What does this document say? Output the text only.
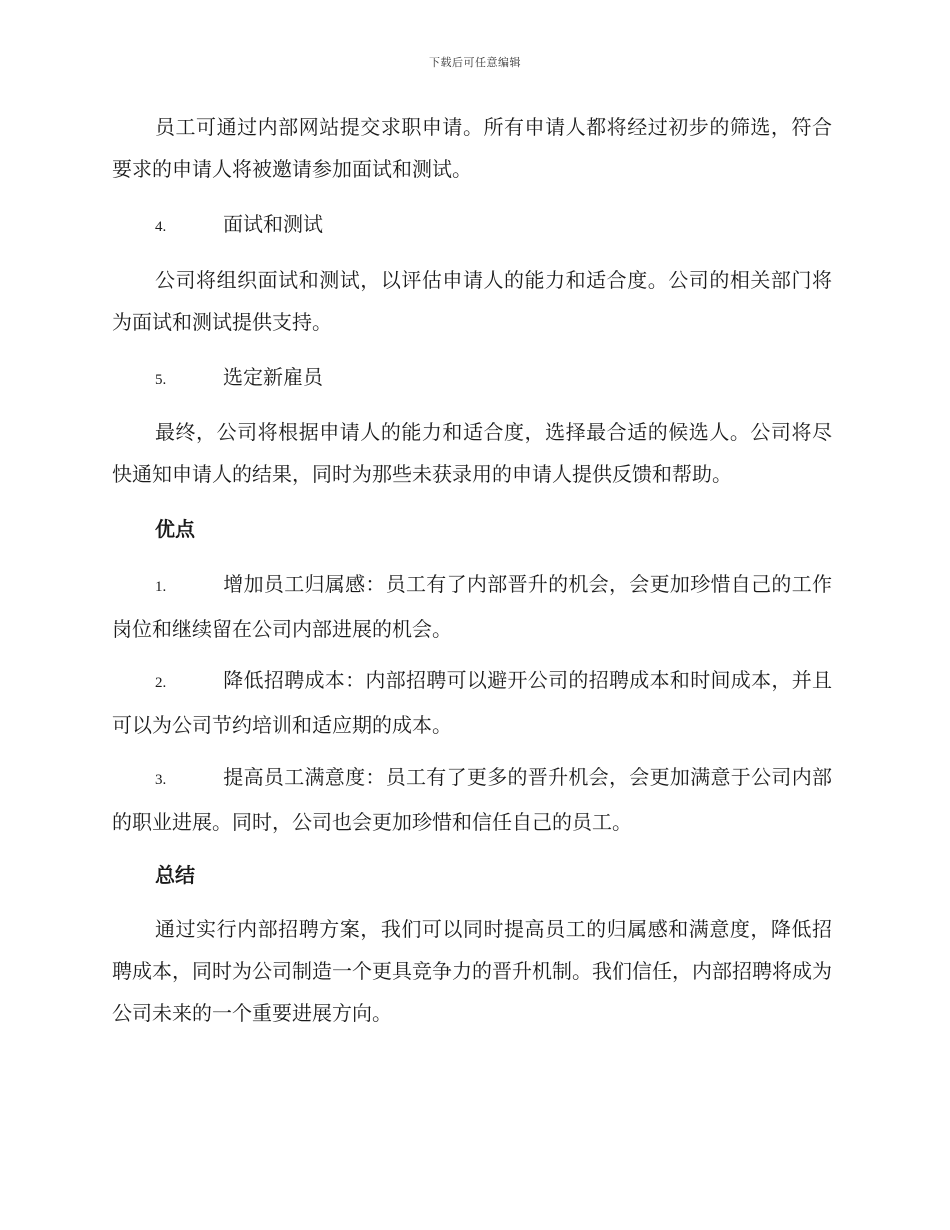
下载后可任意编辑

员工可通过内部网站提交求职申请。所有申请人都将经过初步的筛选，符合要求的申请人将被邀请参加面试和测试。

4.	面试和测试

公司将组织面试和测试，以评估申请人的能力和适合度。公司的相关部门将为面试和测试提供支持。

5.	选定新雇员

最终，公司将根据申请人的能力和适合度，选择最合适的候选人。公司将尽快通知申请人的结果，同时为那些未获录用的申请人提供反馈和帮助。

优点

1.	增加员工归属感：员工有了内部晋升的机会，会更加珍惜自己的工作岗位和继续留在公司内部进展的机会。

2.	降低招聘成本：内部招聘可以避开公司的招聘成本和时间成本，并且可以为公司节约培训和适应期的成本。

3.	提高员工满意度：员工有了更多的晋升机会，会更加满意于公司内部的职业进展。同时，公司也会更加珍惜和信任自己的员工。

总结

通过实行内部招聘方案，我们可以同时提高员工的归属感和满意度，降低招聘成本，同时为公司制造一个更具竞争力的晋升机制。我们信任，内部招聘将成为公司未来的一个重要进展方向。
